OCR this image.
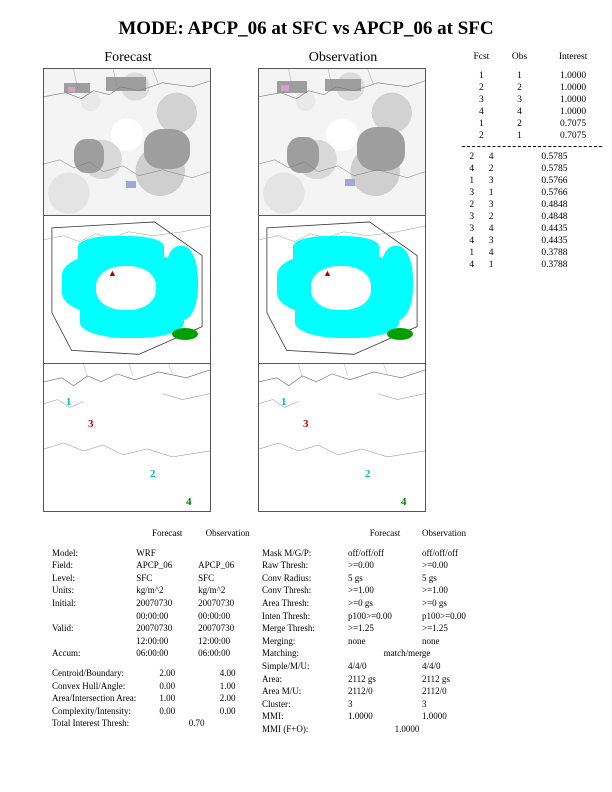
MODE: APCP_06 at SFC vs APCP_06 at SFC
Forecast	Observation
▲
1
3
2
4
▲
1
3
2
4
Fcst	Obs	Interest
1	1	1.0000
2	2	1.0000
3	3	1.0000
4	4	1.0000
1	2	0.7075
2	1	0.7075
2	4	0.5785
4	2	0.5785
1	3	0.5766
3	1	0.5766
2	3	0.4848
3	2	0.4848
3	4	0.4435
4	3	0.4435
1	4	0.3788
4	1	0.3788
	Forecast	Observation

Model:	WRF	
Field:	APCP_06	APCP_06
Level:	SFC	SFC
Units:	kg/m^2	kg/m^2
Initial:	20070730	20070730
	00:00:00	00:00:00
Valid:	20070730	20070730
	12:00:00	12:00:00
Accum:	06:00:00	06:00:00

Centroid/Boundary:	2.00	4.00
Convex Hull/Angle:	0.00	1.00
Area/Intersection Area:	1.00	2.00
Complexity/Intensity:	0.00	0.00
Total Interest Thresh:	0.70	
	Forecast	Observation

Mask M/G/P:	off/off/off	off/off/off
Raw Thresh:	>=0.00	>=0.00
Conv Radius:	5 gs	5 gs
Conv Thresh:	>=1.00	>=1.00
Area Thresh:	>=0 gs	>=0 gs
Inten Thresh:	p100>=0.00	p100>=0.00
Merge Thresh:	>=1.25	>=1.25
Merging:	none	none
Matching:	match/merge	
Simple/M/U:	4/4/0	4/4/0
Area:	2112 gs	2112 gs
Area M/U:	2112/0	2112/0
Cluster:	3	3
MMI:	1.0000	1.0000
MMI (F+O):	1.0000	
